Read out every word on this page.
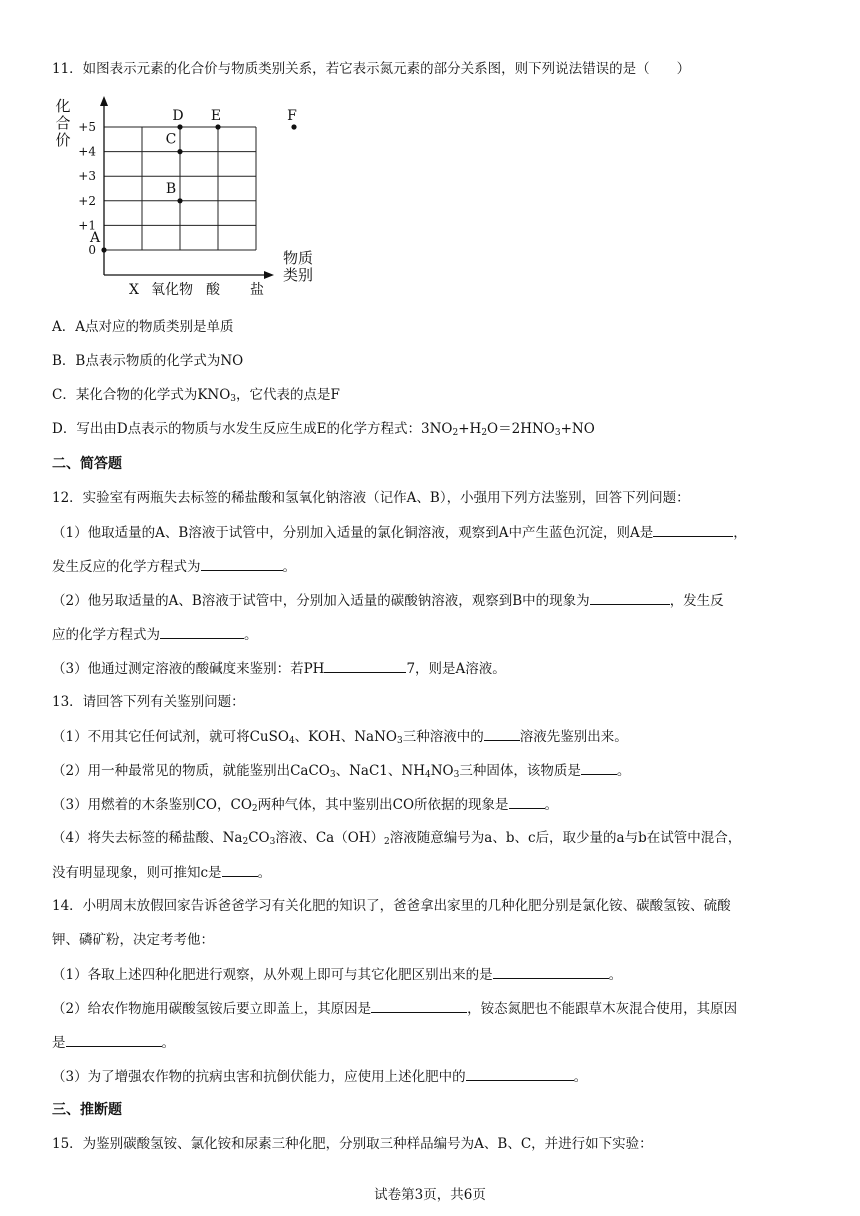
11．如图表示元素的化合价与物质类别关系，若它表示氮元素的部分关系图，则下列说法错误的是（　　）
化
合
价
物质
类别
+5
+4
+3
+2
+1
0
X 氧化物 酸 盐
A
B
C
D E	F
A．A点对应的物质类别是单质
B．B点表示物质的化学式为NO
C．某化合物的化学式为$KNO_3$，它代表的点是F
D．写出由D点表示的物质与水发生反应生成E的化学方程式：$3NO_2+H_2O=2HNO_3+NO$
二、简答题
12．实验室有两瓶失去标签的稀盐酸和氢氧化钠溶液（记作A、B），小强用下列方法鉴别，回答下列问题：
（1）他取适量的A、B溶液于试管中，分别加入适量的氯化铜溶液，观察到A中产生蓝色沉淀，则A是	，
发生反应的化学方程式为	。
（2）他另取适量的A、B溶液于试管中，分别加入适量的碳酸钠溶液，观察到B中的现象为	，发生反
应的化学方程式为	。
（3）他通过测定溶液的酸碱度来鉴别：若PH	7，则是A溶液。
13．请回答下列有关鉴别问题：
（1）不用其它任何试剂，就可将CuSO$_4$、KOH、NaNO$_3$三种溶液中的	溶液先鉴别出来。
（2）用一种最常见的物质，就能鉴别出CaCO$_3$、NaC1、$NH_4NO_3$三种固体，该物质是	。
（3）用燃着的木条鉴别CO，$CO_2$两种气体，其中鉴别出CO所依据的现象是	。
（4）将失去标签的稀盐酸、$Na_2CO_3$溶液、$Ca(OH)_2$溶液随意编号为a、b、c后，取少量的a与b在试管中混合，
没有明显现象，则可推知c是	。
14．小明周末放假回家告诉爸爸学习有关化肥的知识了，爸爸拿出家里的几种化肥分别是氯化铵、碳酸氢铵、硫酸
钾、磷矿粉，决定考考他：
（1）各取上述四种化肥进行观察，从外观上即可与其它化肥区别出来的是	。
（2）给农作物施用碳酸氢铵后要立即盖上，其原因是	，铵态氮肥也不能跟草木灰混合使用，其原因
是	。
（3）为了增强农作物的抗病虫害和抗倒伏能力，应使用上述化肥中的	。
三、推断题
15．为鉴别碳酸氢铵、氯化铵和尿素三种化肥，分别取三种样品编号为A、B、C，并进行如下实验：
试卷第3页，共6页
